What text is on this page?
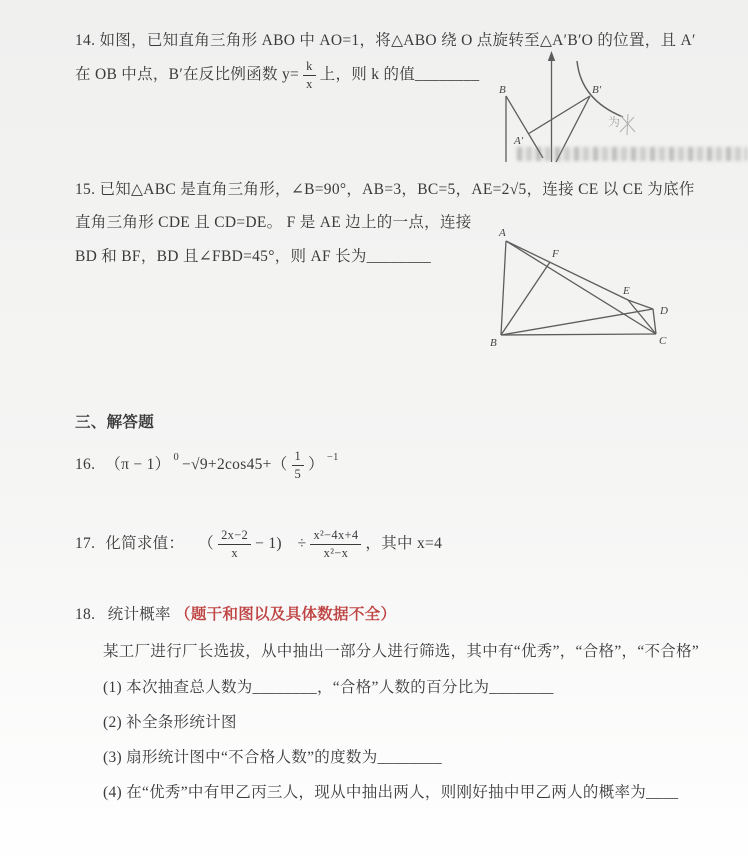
14. 如图，已知直角三角形 ABO 中 AO=1，将△ABO 绕 O 点旋转至△A′B′O 的位置，且 A′
在 OB 中点，B′在反比例函数 $y= \frac{k}{x}$ 上，则 k 的值________
B
A′
B′
为
15. 已知△ABC 是直角三角形，∠B=90°，AB=3，BC=5，AE=2√5，连接 CE 以 CE 为底作
直角三角形 CDE 且 CD=DE。 F 是 AE 边上的一点，连接
BD 和 BF，BD 且∠FBD=45°，则 AF 长为________
A
B	C
D
E
F
三、解答题
16. （π − 1） $^0 -√9+2\cos 45+( \frac{1}{5}$ ） $^{-1}$
17. 化简求值： （ $\frac{2x-2}{x} - 1$)　÷ $\frac{\text{x²−4x+4}}{\text{x²−x}}$ ，其中 x=4
18. 统计概率 （题干和图以及具体数据不全）
某工厂进行厂长选拔，从中抽出一部分人进行筛选，其中有“优秀”，“合格”，“不合格”
(1) 本次抽查总人数为________，“合格”人数的百分比为________
(2) 补全条形统计图
(3) 扇形统计图中“不合格人数”的度数为________
(4) 在“优秀”中有甲乙丙三人，现从中抽出两人，则刚好抽中甲乙两人的概率为____
